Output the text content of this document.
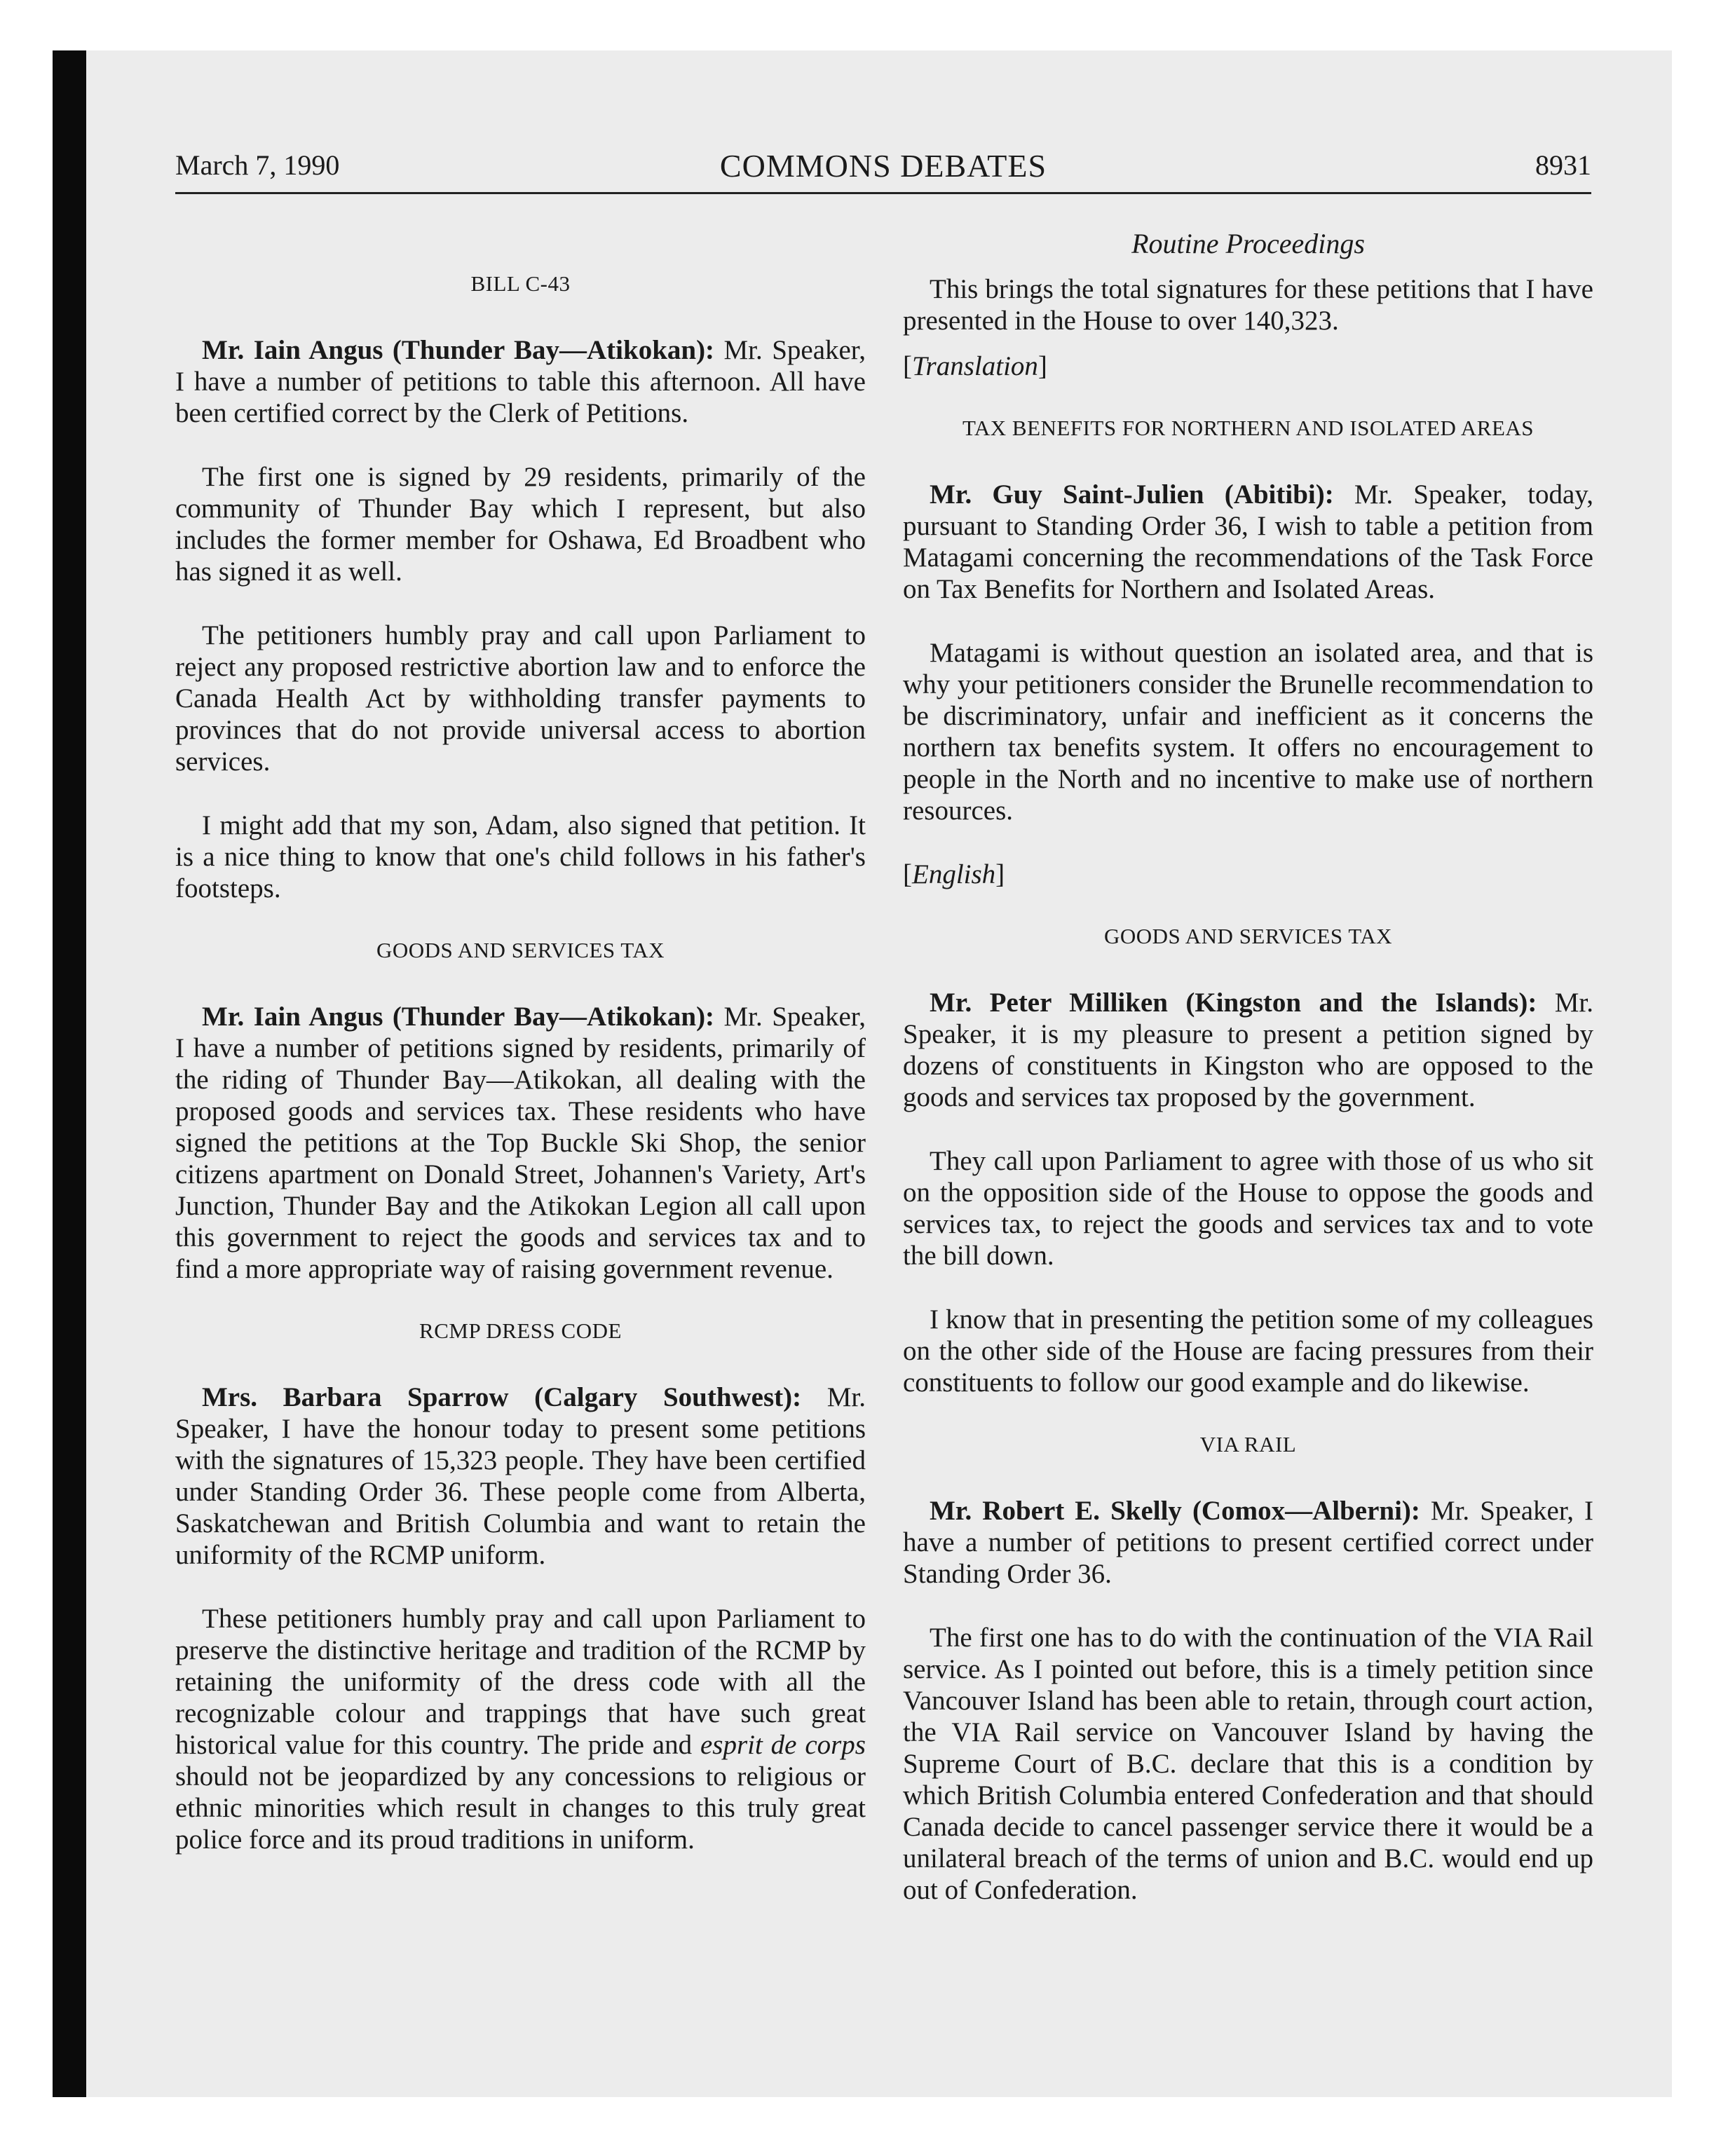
March 7, 1990	COMMONS DEBATES	8931
BILL C-43

Mr. Iain Angus (Thunder Bay—Atikokan): Mr. Speaker, I have a number of petitions to table this afternoon. All have been certified correct by the Clerk of Petitions.

The first one is signed by 29 residents, primarily of the community of Thunder Bay which I represent, but also includes the former member for Oshawa, Ed Broadbent who has signed it as well.

The petitioners humbly pray and call upon Parliament to reject any proposed restrictive abortion law and to enforce the Canada Health Act by withholding transfer payments to provinces that do not provide universal access to abortion services.

I might add that my son, Adam, also signed that petition. It is a nice thing to know that one's child follows in his father's footsteps.

GOODS AND SERVICES TAX

Mr. Iain Angus (Thunder Bay—Atikokan): Mr. Speaker, I have a number of petitions signed by residents, primarily of the riding of Thunder Bay—Atikokan, all dealing with the proposed goods and services tax. These residents who have signed the petitions at the Top Buckle Ski Shop, the senior citizens apartment on Donald Street, Johannen's Variety, Art's Junction, Thunder Bay and the Atikokan Legion all call upon this government to reject the goods and services tax and to find a more appropriate way of raising government revenue.

RCMP DRESS CODE

Mrs. Barbara Sparrow (Calgary Southwest): Mr. Speaker, I have the honour today to present some petitions with the signatures of 15,323 people. They have been certified under Standing Order 36. These people come from Alberta, Saskatchewan and British Columbia and want to retain the uniformity of the RCMP uniform.

These petitioners humbly pray and call upon Parliament to preserve the distinctive heritage and tradition of the RCMP by retaining the uniformity of the dress code with all the recognizable colour and trappings that have such great historical value for this country. The pride and esprit de corps should not be jeopardized by any concessions to religious or ethnic minorities which result in changes to this truly great police force and its proud traditions in uniform.

Routine Proceedings

This brings the total signatures for these petitions that I have presented in the House to over 140,323.

[Translation]

TAX BENEFITS FOR NORTHERN AND ISOLATED AREAS

Mr. Guy Saint-Julien (Abitibi): Mr. Speaker, today, pursuant to Standing Order 36, I wish to table a petition from Matagami concerning the recommendations of the Task Force on Tax Benefits for Northern and Isolated Areas.

Matagami is without question an isolated area, and that is why your petitioners consider the Brunelle recommendation to be discriminatory, unfair and inefficient as it concerns the northern tax benefits system. It offers no encouragement to people in the North and no incentive to make use of northern resources.

[English]

GOODS AND SERVICES TAX

Mr. Peter Milliken (Kingston and the Islands): Mr. Speaker, it is my pleasure to present a petition signed by dozens of constituents in Kingston who are opposed to the goods and services tax proposed by the government.

They call upon Parliament to agree with those of us who sit on the opposition side of the House to oppose the goods and services tax, to reject the goods and services tax and to vote the bill down.

I know that in presenting the petition some of my colleagues on the other side of the House are facing pressures from their constituents to follow our good example and do likewise.

VIA RAIL

Mr. Robert E. Skelly (Comox—Alberni): Mr. Speaker, I have a number of petitions to present certified correct under Standing Order 36.

The first one has to do with the continuation of the VIA Rail service. As I pointed out before, this is a timely petition since Vancouver Island has been able to retain, through court action, the VIA Rail service on Vancouver Island by having the Supreme Court of B.C. declare that this is a condition by which British Columbia entered Confederation and that should Canada decide to cancel passenger service there it would be a unilateral breach of the terms of union and B.C. would end up out of Confederation.
